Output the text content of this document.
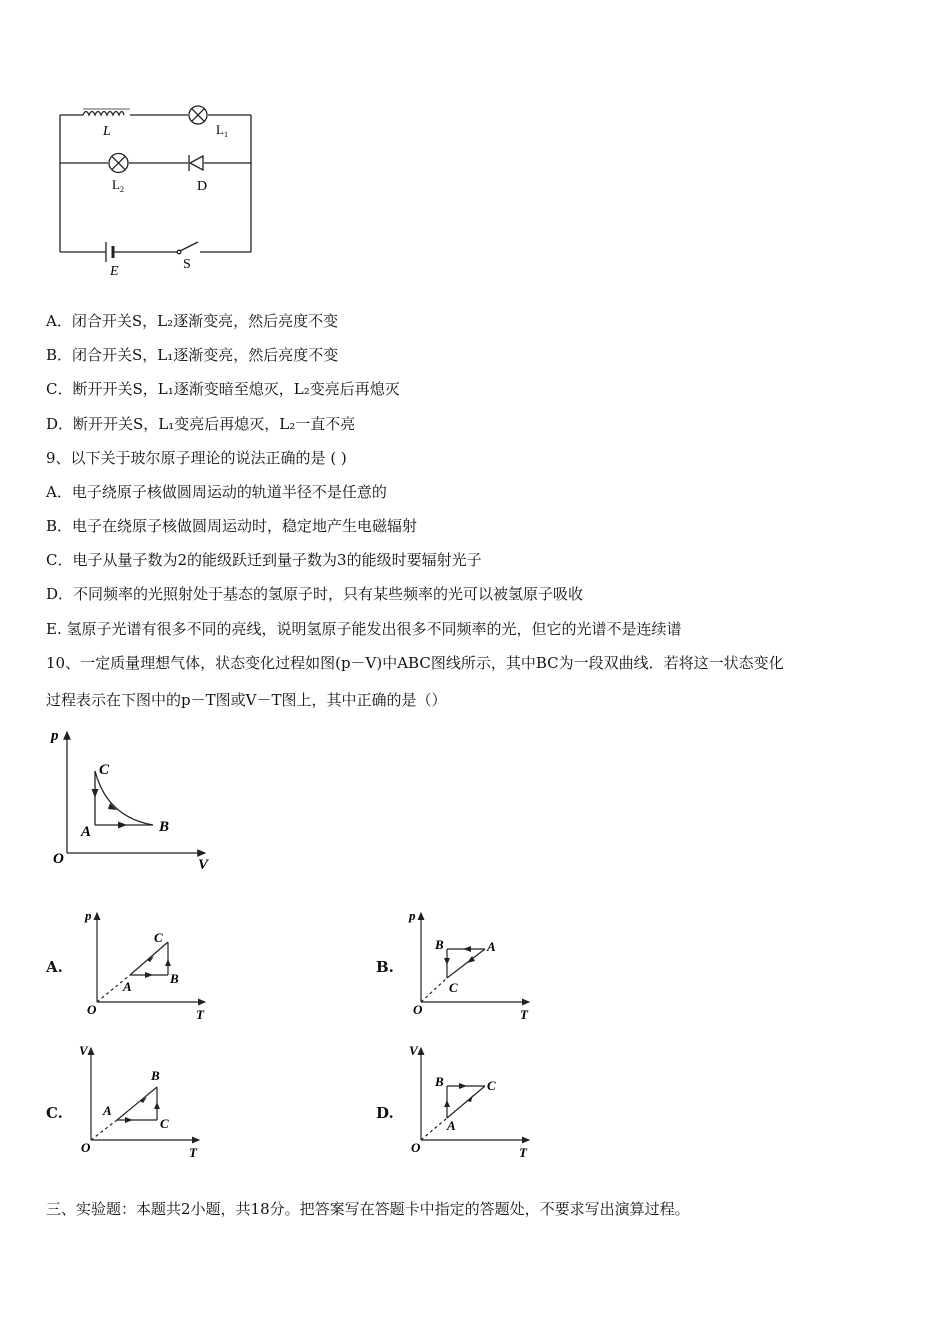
L	$L_1$
$L_2$	D
E	S
A．闭合开关S，L₂逐渐变亮，然后亮度不变
B．闭合开关S，L₁逐渐变亮，然后亮度不变
C．断开开关S，L₁逐渐变暗至熄灭，L₂变亮后再熄灭
D．断开开关S，L₁变亮后再熄灭，L₂一直不亮
9、以下关于玻尔原子理论的说法正确的是 ( )
A．电子绕原子核做圆周运动的轨道半径不是任意的
B．电子在绕原子核做圆周运动时，稳定地产生电磁辐射
C．电子从量子数为2的能级跃迁到量子数为3的能级时要辐射光子
D．不同频率的光照射处于基态的氢原子时，只有某些频率的光可以被氢原子吸收
E. 氢原子光谱有很多不同的亮线，说明氢原子能发出很多不同频率的光，但它的光谱不是连续谱
10、一定质量理想气体，状态变化过程如图(p－V)中ABC图线所示，其中BC为一段双曲线．若将这一状态变化
过程表示在下图中的p－T图或V－T图上，其中正确的是（）
p
V
O
A	B
C
A.	B.
C.	D.
p
T
O
A
B
C
p
T
A
B
C
O
V
T
O
A
B
C
V
T
O
A
B	C
三、实验题：本题共2小题，共18分。把答案写在答题卡中指定的答题处，不要求写出演算过程。
